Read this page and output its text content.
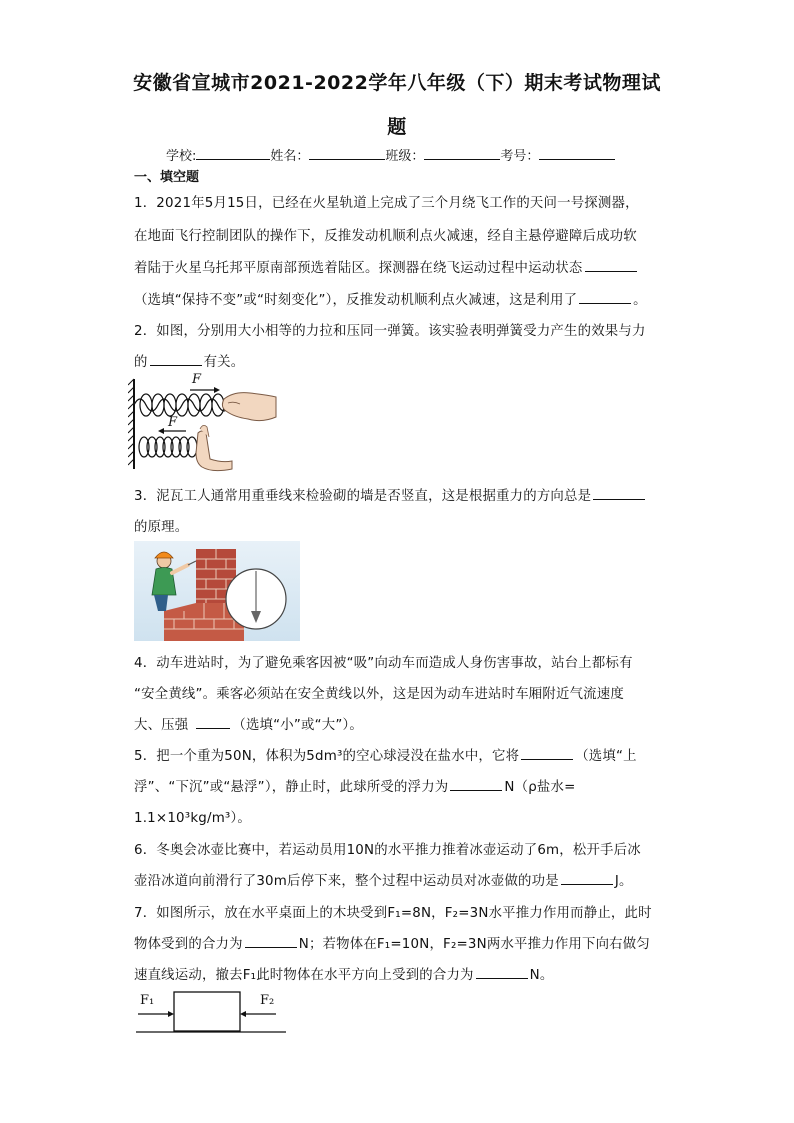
安徽省宣城市2021-2022学年八年级（下）期末考试物理试
题
学校:	姓名：	班级：	考号：
一、填空题
1．2021年5月15日，已经在火星轨道上完成了三个月绕飞工作的天问一号探测器，
在地面飞行控制团队的操作下，反推发动机顺利点火减速，经自主悬停避障后成功软
着陆于火星乌托邦平原南部预选着陆区。探测器在绕飞运动过程中运动状态
（选填“保持不变”或“时刻变化”），反推发动机顺利点火减速，这是利用了	。
2．如图，分别用大小相等的力拉和压同一弹簧。该实验表明弹簧受力产生的效果与力
的	有关。
F
F
3．泥瓦工人通常用重垂线来检验砌的墙是否竖直，这是根据重力的方向总是
的原理。
4．动车进站时，为了避免乘客因被“吸”向动车而造成人身伤害事故，站台上都标有
“安全黄线”。乘客必须站在安全黄线以外，这是因为动车进站时车厢附近气流速度
大、压强	（选填“小”或“大”）。
5．把一个重为50N，体积为5dm³的空心球浸没在盐水中，它将	（选填“上
浮”、“下沉”或“悬浮”），静止时，此球所受的浮力为	N（ρ盐水=
1.1×10³kg/m³）。
6．冬奥会冰壶比赛中，若运动员用10N的水平推力推着冰壶运动了6m，松开手后冰
壶沿冰道向前滑行了30m后停下来，整个过程中运动员对冰壶做的功是	J。
7．如图所示，放在水平桌面上的木块受到F₁=8N，F₂=3N水平推力作用而静止，此时
物体受到的合力为	N；若物体在F₁=10N，F₂=3N两水平推力作用下向右做匀
速直线运动，撤去F₁此时物体在水平方向上受到的合力为	N。
F₁	F₂
